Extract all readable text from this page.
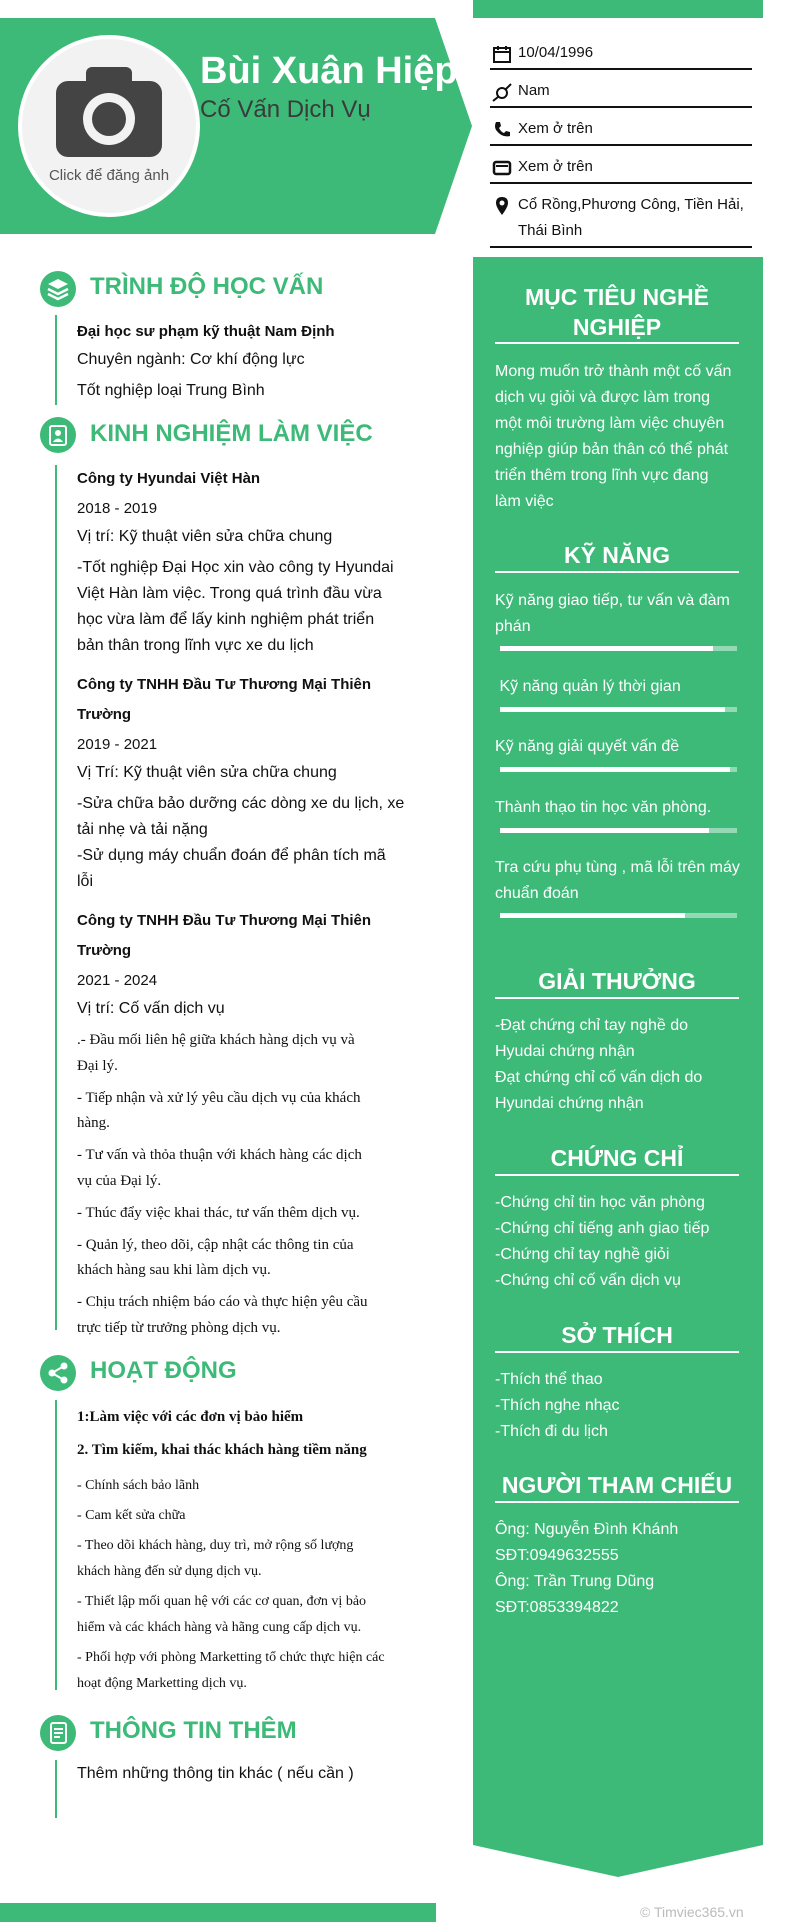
Click để đăng ảnh
Bùi Xuân Hiệp
Cố Vấn Dịch Vụ
10/04/1996
Nam
Xem ở trên
Xem ở trên
Cổ Rồng,Phương Công, Tiền Hải,
Thái Bình
MỤC TIÊU NGHỀ
NGHIỆP
Mong muốn trở thành một cố vấn
dịch vụ giỏi và được làm trong
một môi trường làm việc chuyên
nghiệp giúp bản thân có thể phát
triển thêm trong lĩnh vực đang
làm việc
KỸ NĂNG
Kỹ năng giao tiếp, tư vấn và đàm
phán
Kỹ năng quản lý thời gian
Kỹ năng giải quyết vấn đề
Thành thạo tin học văn phòng.
Tra cứu phụ tùng , mã lỗi trên máy
chuẩn đoán
GIẢI THƯỞNG
-Đạt chứng chỉ tay nghề do
Hyudai chứng nhận
Đạt chứng chỉ cố vấn dịch do
Hyundai chứng nhận
CHỨNG CHỈ
-Chứng chỉ tin học văn phòng
-Chứng chỉ tiếng anh giao tiếp
-Chứng chỉ tay nghề giỏi
-Chứng chỉ cố vấn dịch vụ
SỞ THÍCH
-Thích thể thao
-Thích nghe nhạc
-Thích đi du lịch
NGƯỜI THAM CHIẾU
Ông: Nguyễn Đình Khánh
SĐT:0949632555
Ông: Trần Trung Dũng
SĐT:0853394822
TRÌNH ĐỘ HỌC VẤN
Đại học sư phạm kỹ thuật Nam Định
Chuyên ngành: Cơ khí động lực
Tốt nghiệp loại Trung Bình
KINH NGHIỆM LÀM VIỆC
Công ty Hyundai Việt Hàn
2018 - 2019
Vị trí: Kỹ thuật viên sửa chữa chung
-Tốt nghiệp Đại Học xin vào công ty Hyundai
Việt Hàn làm việc. Trong quá trình đầu vừa
học vừa làm để lấy kinh nghiệm phát triển
bản thân trong lĩnh vực xe du lịch
Công ty TNHH Đầu Tư Thương Mại Thiên
Trường
2019 - 2021
Vị Trí: Kỹ thuật viên sửa chữa chung
-Sửa chữa bảo dưỡng các dòng xe du lịch, xe
tải nhẹ và tải nặng
-Sử dụng máy chuẩn đoán để phân tích mã
lỗi
Công ty TNHH Đầu Tư Thương Mại Thiên
Trường
2021 - 2024
Vị trí: Cố vấn dịch vụ
.- Đầu mối liên hệ giữa khách hàng dịch vụ và
Đại lý.
- Tiếp nhận và xử lý yêu cầu dịch vụ của khách
hàng.
- Tư vấn và thỏa thuận với khách hàng các dịch
vụ của Đại lý.
- Thúc đẩy việc khai thác, tư vấn thêm dịch vụ.
- Quản lý, theo dõi, cập nhật các thông tin của
khách hàng sau khi làm dịch vụ.
- Chịu trách nhiệm báo cáo và thực hiện yêu cầu
trực tiếp từ trưởng phòng dịch vụ.
HOẠT ĐỘNG
1:Làm việc với các đơn vị bảo hiểm
2. Tìm kiếm, khai thác khách hàng tiềm năng
- Chính sách bảo lãnh
- Cam kết sửa chữa
- Theo dõi khách hàng, duy trì, mở rộng số lượng
khách hàng đến sử dụng dịch vụ.
- Thiết lập mối quan hệ với các cơ quan, đơn vị bảo
hiểm và các khách hàng và hãng cung cấp dịch vụ.
- Phối hợp với phòng Marketting tổ chức thực hiện các
hoạt động Marketting dịch vụ.
THÔNG TIN THÊM
Thêm những thông tin khác ( nếu cần )
© Timviec365.vn
